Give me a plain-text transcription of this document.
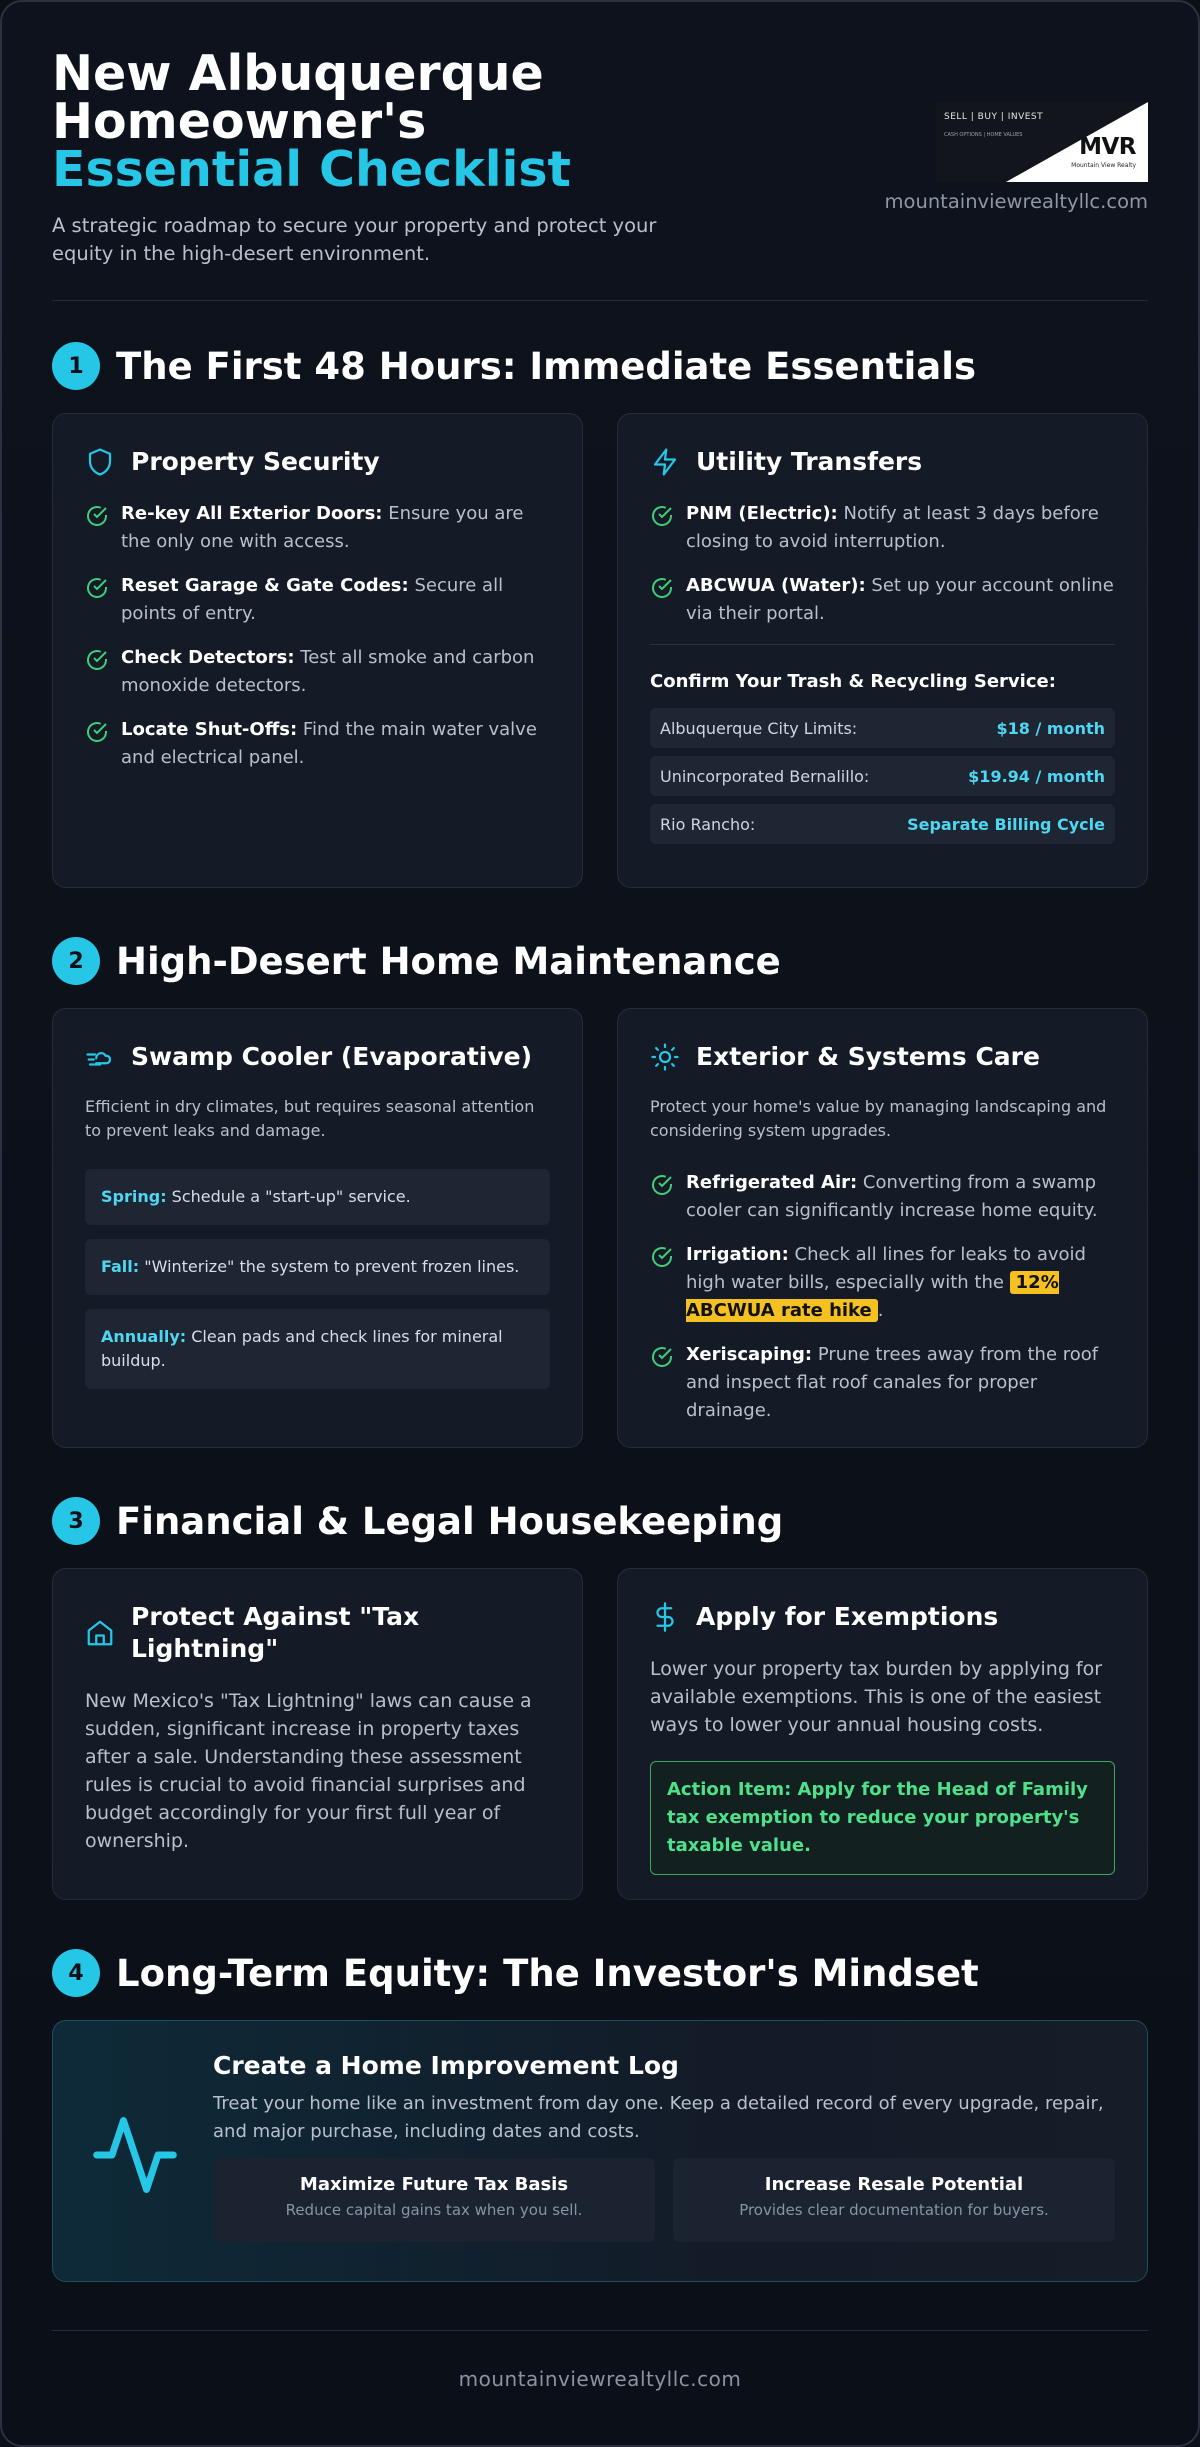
New Albuquerque
Homeowner's
Essential Checklist

A strategic roadmap to secure your property and protect your equity in the high-desert environment.

SELL | BUY | INVEST
CASH OPTIONS | HOME VALUES MVR
Mountain View Realty
mountainviewrealtyllc.com
1 The First 48 Hours: Immediate Essentials
Property Security
Re-key All Exterior Doors: Ensure you are the only one with access.
Reset Garage & Gate Codes: Secure all points of entry.
Check Detectors: Test all smoke and carbon monoxide detectors.
Locate Shut-Offs: Find the main water valve and electrical panel.
Utility Transfers
PNM (Electric): Notify at least 3 days before closing to avoid interruption.
ABCWUA (Water): Set up your account online via their portal.
Confirm Your Trash & Recycling Service:
Albuquerque City Limits:	$18 / month
Unincorporated Bernalillo:	$19.94 / month
Rio Rancho:	Separate Billing Cycle
2 High-Desert Home Maintenance
Swamp Cooler (Evaporative)

Efficient in dry climates, but requires seasonal attention to prevent leaks and damage.

Spring: Schedule a "start-up" service.
Fall: "Winterize" the system to prevent frozen lines.
Annually: Clean pads and check lines for mineral buildup.
Exterior & Systems Care

Protect your home's value by managing landscaping and considering system upgrades.

Refrigerated Air: Converting from a swamp cooler can significantly increase home equity.
Irrigation: Check all lines for leaks to avoid high water bills, especially with the 12% ABCWUA rate hike .
Xeriscaping: Prune trees away from the roof and inspect flat roof canales for proper drainage.
3 Financial & Legal Housekeeping
Protect Against "Tax Lightning"

New Mexico's "Tax Lightning" laws can cause a sudden, significant increase in property taxes after a sale. Understanding these assessment rules is crucial to avoid financial surprises and budget accordingly for your first full year of ownership.

Apply for Exemptions

Lower your property tax burden by applying for available exemptions. This is one of the easiest ways to lower your annual housing costs.

Action Item: Apply for the Head of Family tax exemption to reduce your property's taxable value.
4 Long-Term Equity: The Investor's Mindset
Create a Home Improvement Log

Treat your home like an investment from day one. Keep a detailed record of every upgrade, repair, and major purchase, including dates and costs.

Maximize Future Tax Basis
Reduce capital gains tax when you sell.
Increase Resale Potential
Provides clear documentation for buyers.
mountainviewrealtyllc.com
